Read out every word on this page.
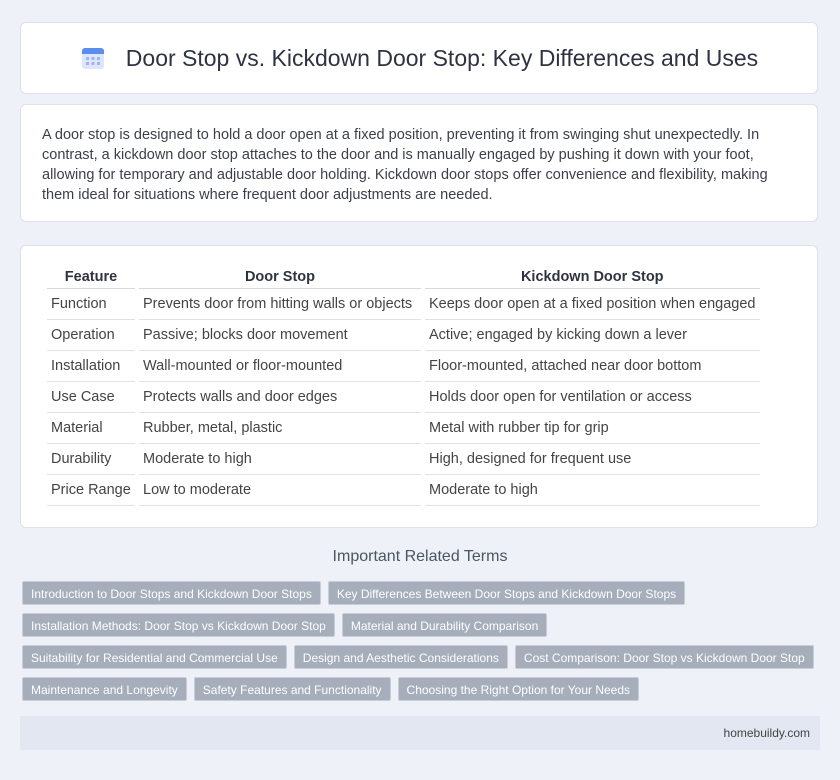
Door Stop vs. Kickdown Door Stop: Key Differences and Uses

A door stop is designed to hold a door open at a fixed position, preventing it from swinging shut unexpectedly. In contrast, a kickdown door stop attaches to the door and is manually engaged by pushing it down with your foot, allowing for temporary and adjustable door holding. Kickdown door stops offer convenience and flexibility, making them ideal for situations where frequent door adjustments are needed.

Feature	Door Stop	Kickdown Door Stop
Function	Prevents door from hitting walls or objects	Keeps door open at a fixed position when engaged
Operation	Passive; blocks door movement	Active; engaged by kicking down a lever
Installation	Wall-mounted or floor-mounted	Floor-mounted, attached near door bottom
Use Case	Protects walls and door edges	Holds door open for ventilation or access
Material	Rubber, metal, plastic	Metal with rubber tip for grip
Durability	Moderate to high	High, designed for frequent use
Price Range	Low to moderate	Moderate to high
Important Related Terms
Introduction to Door Stops and Kickdown Door Stops	Key Differences Between Door Stops and Kickdown Door Stops
Installation Methods: Door Stop vs Kickdown Door Stop	Material and Durability Comparison
Suitability for Residential and Commercial Use	Design and Aesthetic Considerations	Cost Comparison: Door Stop vs Kickdown Door Stop
Maintenance and Longevity	Safety Features and Functionality	Choosing the Right Option for Your Needs
homebuildy.com
